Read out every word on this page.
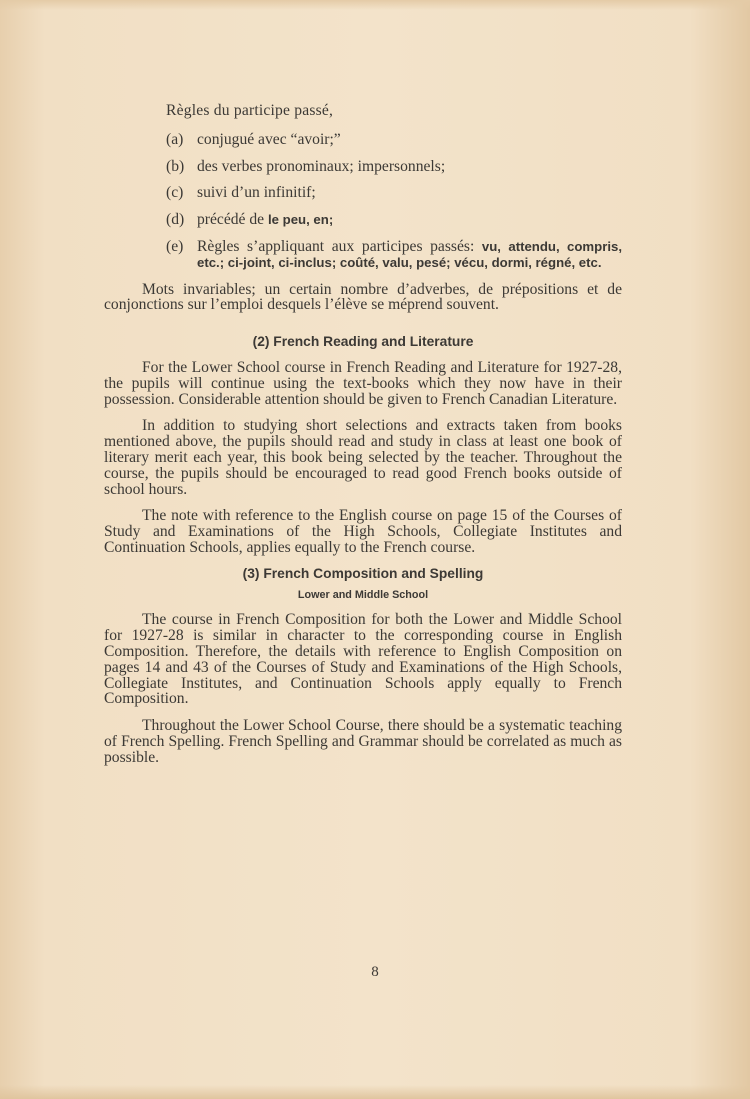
Règles du participe passé,
(a) conjugué avec “avoir;”
(b) des verbes pronominaux; impersonnels;
(c) suivi d’un infinitif;
(d) précédé de le peu, en;
(e) Règles s’appliquant aux participes passés: vu, attendu, compris, etc.; ci-joint, ci-inclus; coûté, valu, pesé; vécu, dormi, régné, etc.

Mots invariables; un certain nombre d’adverbes, de prépositions et de conjonctions sur l’emploi desquels l’élève se méprend souvent.

(2) French Reading and Literature

For the Lower School course in French Reading and Literature for 1927-28, the pupils will continue using the text-books which they now have in their possession. Considerable attention should be given to French Canadian Literature.

In addition to studying short selections and extracts taken from books mentioned above, the pupils should read and study in class at least one book of literary merit each year, this book being selected by the teacher. Throughout the course, the pupils should be encouraged to read good French books outside of school hours.

The note with reference to the English course on page 15 of the Courses of Study and Examinations of the High Schools, Collegiate Institutes and Continuation Schools, applies equally to the French course.

(3) French Composition and Spelling
Lower and Middle School

The course in French Composition for both the Lower and Middle School for 1927-28 is similar in character to the corresponding course in English Composition. Therefore, the details with reference to English Composition on pages 14 and 43 of the Courses of Study and Examinations of the High Schools, Collegiate Institutes, and Continuation Schools apply equally to French Composition.

Throughout the Lower School Course, there should be a systematic teaching of French Spelling. French Spelling and Grammar should be correlated as much as possible.

8
